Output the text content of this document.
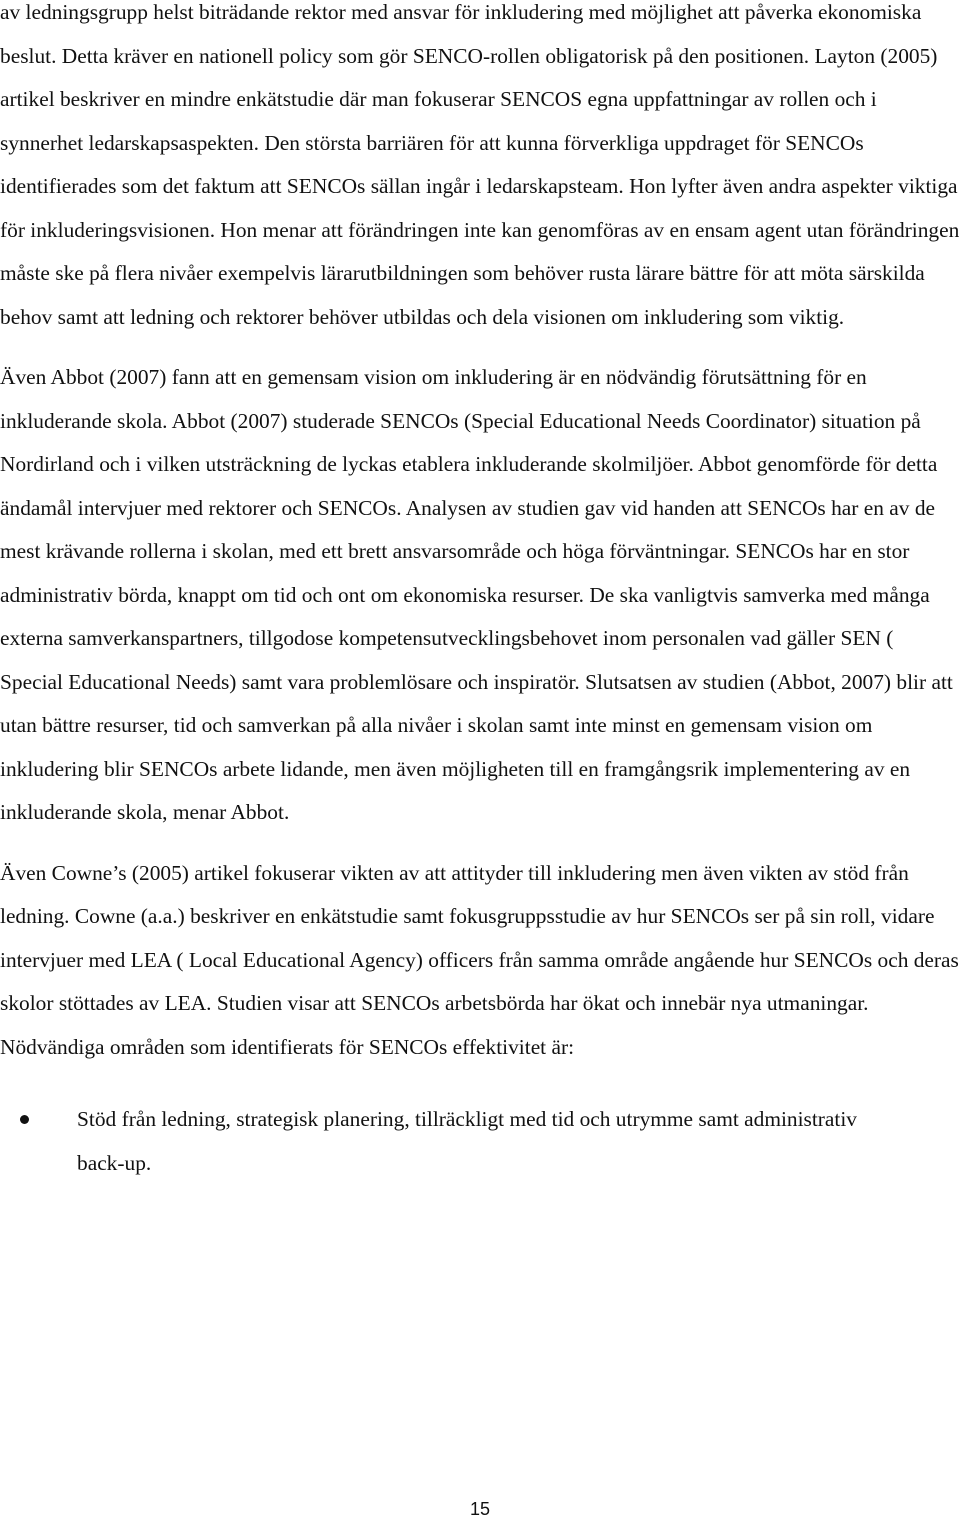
av ledningsgrupp helst biträdande rektor med ansvar för inkludering med möjlighet att påverka ekonomiska beslut. Detta kräver en nationell policy som gör SENCO-rollen obligatorisk på den positionen. Layton (2005) artikel beskriver en mindre enkätstudie där man fokuserar SENCOS egna uppfattningar av rollen och i synnerhet ledarskapsaspekten. Den största barriären för att kunna förverkliga uppdraget för SENCOs identifierades som det faktum att SENCOs sällan ingår i ledarskapsteam. Hon lyfter även andra aspekter viktiga för inkluderingsvisionen. Hon menar att förändringen inte kan genomföras av en ensam agent utan förändringen måste ske på flera nivåer exempelvis lärarutbildningen som behöver rusta lärare bättre för att möta särskilda behov samt att ledning och rektorer behöver utbildas och dela visionen om inkludering som viktig.

Även Abbot (2007) fann att en gemensam vision om inkludering är en nödvändig förutsättning för en inkluderande skola. Abbot (2007) studerade SENCOs (Special Educational Needs Coordinator) situation på Nordirland och i vilken utsträckning de lyckas etablera inkluderande skolmiljöer. Abbot genomförde för detta ändamål intervjuer med rektorer och SENCOs. Analysen av studien gav vid handen att SENCOs har en av de mest krävande rollerna i skolan, med ett brett ansvarsområde och höga förväntningar. SENCOs har en stor administrativ börda, knappt om tid och ont om ekonomiska resurser. De ska vanligtvis samverka med många externa samverkanspartners, tillgodose kompetensutvecklingsbehovet inom personalen vad gäller SEN ( Special Educational Needs) samt vara problemlösare och inspiratör. Slutsatsen av studien (Abbot, 2007) blir att utan bättre resurser, tid och samverkan på alla nivåer i skolan samt inte minst en gemensam vision om inkludering blir SENCOs arbete lidande, men även möjligheten till en framgångsrik implementering av en inkluderande skola, menar Abbot.

Även Cowne’s (2005) artikel fokuserar vikten av att attityder till inkludering men även vikten av stöd från ledning. Cowne (a.a.) beskriver en enkätstudie samt fokusgruppsstudie av hur SENCOs ser på sin roll, vidare intervjuer med LEA ( Local Educational Agency) officers från samma område angående hur SENCOs och deras skolor stöttades av LEA. Studien visar att SENCOs arbetsbörda har ökat och innebär nya utmaningar. Nödvändiga områden som identifierats för SENCOs effektivitet är:

Stöd från ledning, strategisk planering, tillräckligt med tid och utrymme samt administrativ back-up.
15
